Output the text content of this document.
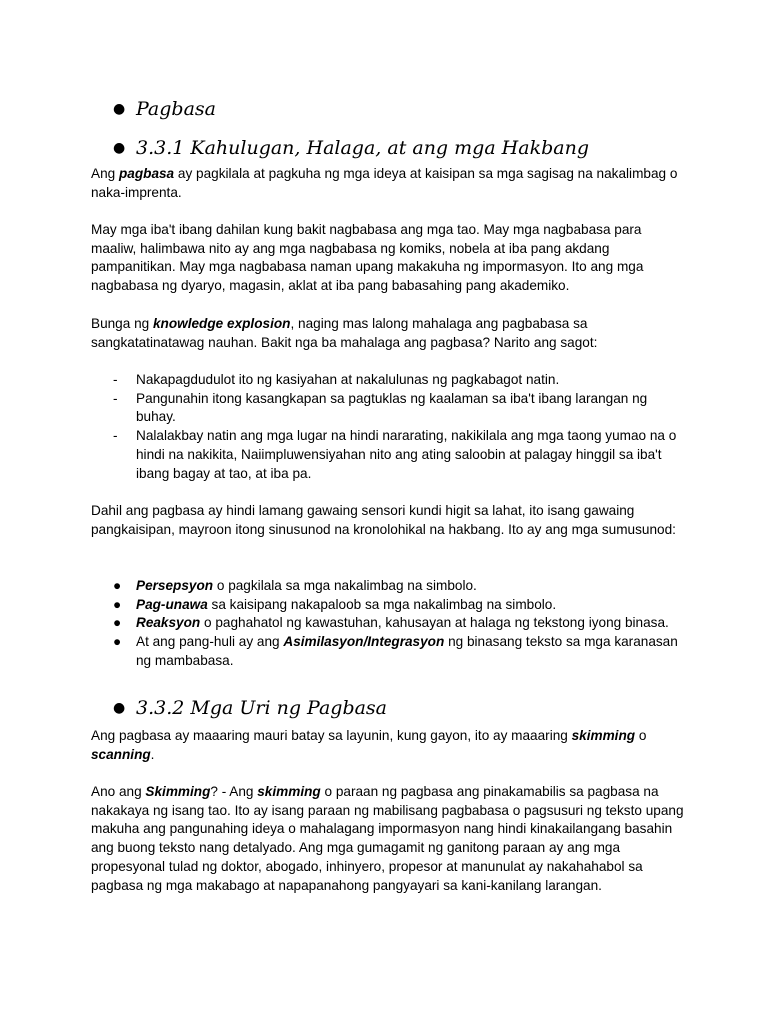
● Pagbasa
● 3.3.1 Kahulugan, Halaga, at ang mga Hakbang

Ang pagbasa ay pagkilala at pagkuha ng mga ideya at kaisipan sa mga sagisag na nakalimbag o naka-imprenta.

May mga iba't ibang dahilan kung bakit nagbabasa ang mga tao. May mga nagbabasa para maaliw, halimbawa nito ay ang mga nagbabasa ng komiks, nobela at iba pang akdang pampanitikan. May mga nagbabasa naman upang makakuha ng impormasyon. Ito ang mga nagbabasa ng dyaryo, magasin, aklat at iba pang babasahing pang akademiko.

Bunga ng knowledge explosion, naging mas lalong mahalaga ang pagbabasa sa sangkatatinatawag nauhan. Bakit nga ba mahalaga ang pagbasa? Narito ang sagot:

- Nakapagdudulot ito ng kasiyahan at nakalulunas ng pagkabagot natin.
- Pangunahin itong kasangkapan sa pagtuklas ng kaalaman sa iba't ibang larangan ng buhay.
- Nalalakbay natin ang mga lugar na hindi nararating, nakikilala ang mga taong yumao na o hindi na nakikita, Naiimpluwensiyahan nito ang ating saloobin at palagay hinggil sa iba't ibang bagay at tao, at iba pa.

Dahil ang pagbasa ay hindi lamang gawaing sensori kundi higit sa lahat, ito isang gawaing pangkaisipan, mayroon itong sinusunod na kronolohikal na hakbang. Ito ay ang mga sumusunod:

● Persepsyon o pagkilala sa mga nakalimbag na simbolo.
● Pag-unawa sa kaisipang nakapaloob sa mga nakalimbag na simbolo.
● Reaksyon o paghahatol ng kawastuhan, kahusayan at halaga ng tekstong iyong binasa.
● At ang pang-huli ay ang Asimilasyon/Integrasyon ng binasang teksto sa mga karanasan ng mambabasa.
● 3.3.2 Mga Uri ng Pagbasa

Ang pagbasa ay maaaring mauri batay sa layunin, kung gayon, ito ay maaaring skimming o scanning.

Ano ang Skimming? - Ang skimming o paraan ng pagbasa ang pinakamabilis sa pagbasa na nakakaya ng isang tao. Ito ay isang paraan ng mabilisang pagbabasa o pagsusuri ng teksto upang makuha ang pangunahing ideya o mahalagang impormasyon nang hindi kinakailangang basahin ang buong teksto nang detalyado. Ang mga gumagamit ng ganitong paraan ay ang mga propesyonal tulad ng doktor, abogado, inhinyero, propesor at manunulat ay nakahahabol sa pagbasa ng mga makabago at napapanahong pangyayari sa kani-kanilang larangan.
